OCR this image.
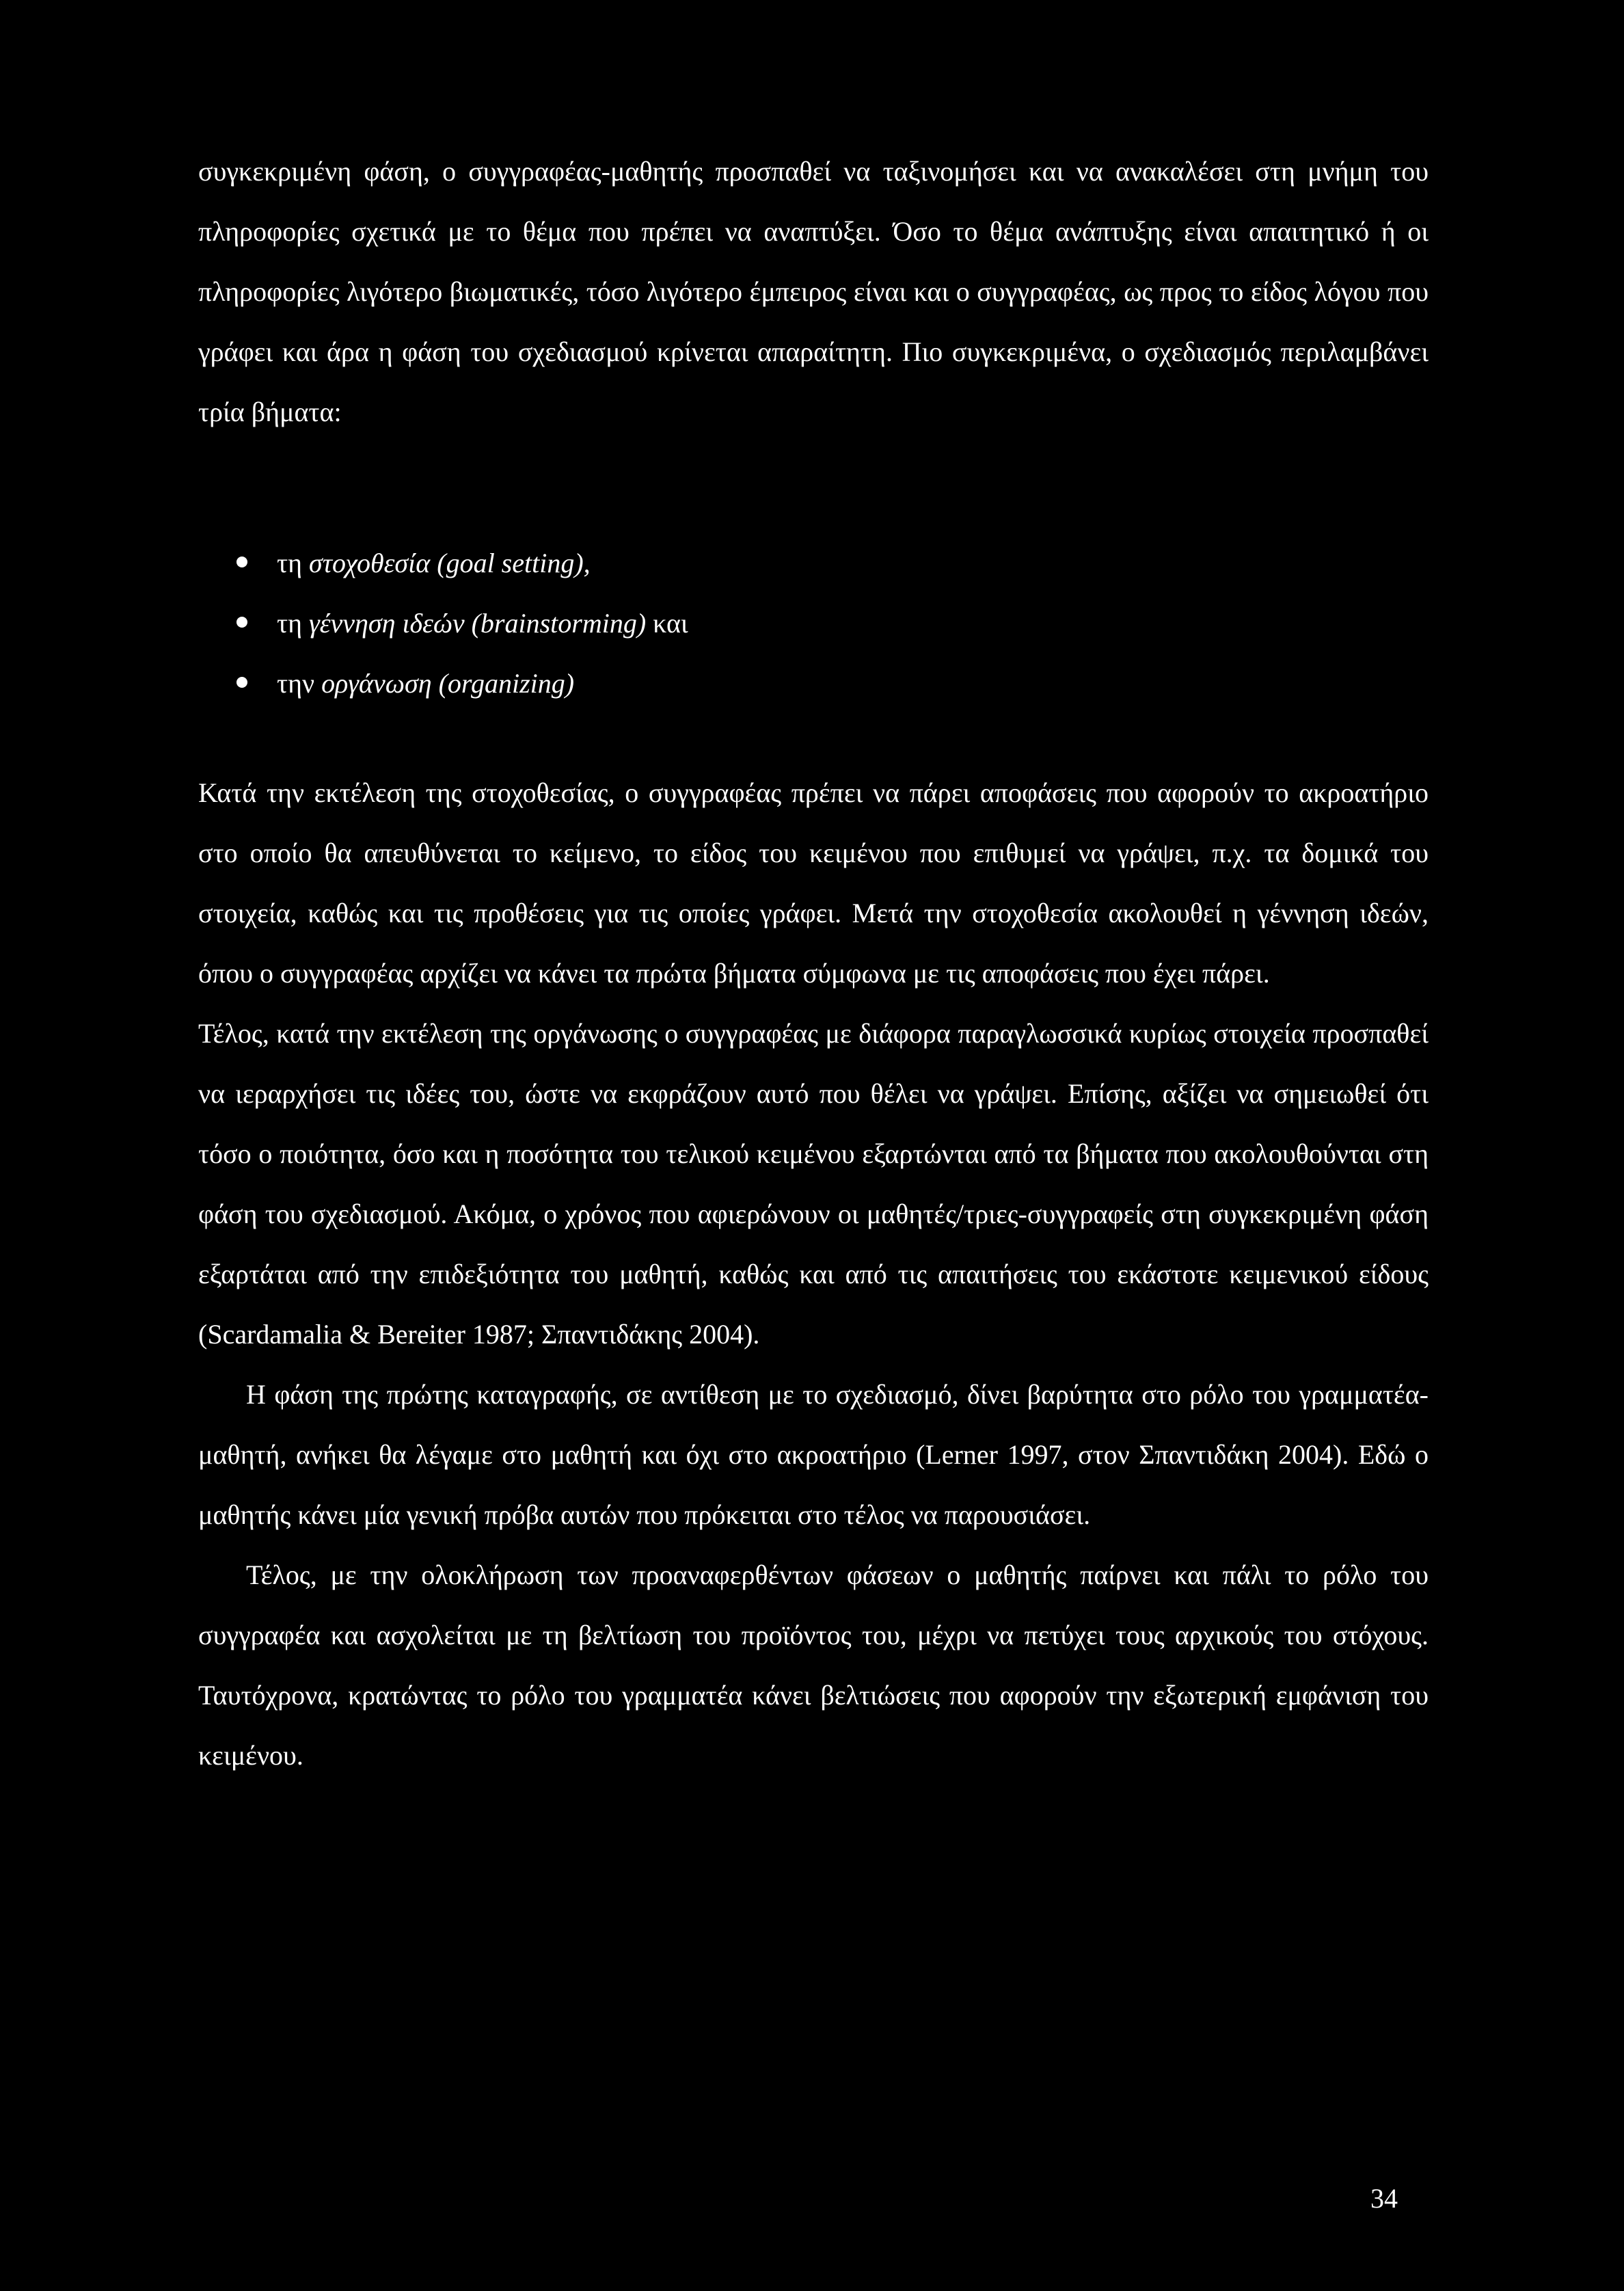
συγκεκριμένη φάση, ο συγγραφέας-μαθητής προσπαθεί να ταξινομήσει και να ανακαλέσει στη μνήμη του πληροφορίες σχετικά με το θέμα που πρέπει να αναπτύξει. Όσο το θέμα ανάπτυξης είναι απαιτητικό ή οι πληροφορίες λιγότερο βιωματικές, τόσο λιγότερο έμπειρος είναι και ο συγγραφέας, ως προς το είδος λόγου που γράφει και άρα η φάση του σχεδιασμού κρίνεται απαραίτητη. Πιο συγκεκριμένα, ο σχεδιασμός περιλαμβάνει τρία βήματα:

τη στοχοθεσία (goal setting),
τη γέννηση ιδεών (brainstorming) και
την οργάνωση (organizing)

Κατά την εκτέλεση της στοχοθεσίας, ο συγγραφέας πρέπει να πάρει αποφάσεις που αφορούν το ακροατήριο στο οποίο θα απευθύνεται το κείμενο, το είδος του κειμένου που επιθυμεί να γράψει, π.χ. τα δομικά του στοιχεία, καθώς και τις προθέσεις για τις οποίες γράφει. Μετά την στοχοθεσία ακολουθεί η γέννηση ιδεών, όπου ο συγγραφέας αρχίζει να κάνει τα πρώτα βήματα σύμφωνα με τις αποφάσεις που έχει πάρει.

Τέλος, κατά την εκτέλεση της οργάνωσης ο συγγραφέας με διάφορα παραγλωσσικά κυρίως στοιχεία προσπαθεί να ιεραρχήσει τις ιδέες του, ώστε να εκφράζουν αυτό που θέλει να γράψει. Επίσης, αξίζει να σημειωθεί ότι τόσο ο ποιότητα, όσο και η ποσότητα του τελικού κειμένου εξαρτώνται από τα βήματα που ακολουθούνται στη φάση του σχεδιασμού. Ακόμα, ο χρόνος που αφιερώνουν οι μαθητές/τριες-συγγραφείς στη συγκεκριμένη φάση εξαρτάται από την επιδεξιότητα του μαθητή, καθώς και από τις απαιτήσεις του εκάστοτε κειμενικού είδους (Scardamalia & Bereiter 1987; Σπαντιδάκης 2004).

Η φάση της πρώτης καταγραφής, σε αντίθεση με το σχεδιασμό, δίνει βαρύτητα στο ρόλο του γραμματέα-μαθητή, ανήκει θα λέγαμε στο μαθητή και όχι στο ακροατήριο (Lerner 1997, στον Σπαντιδάκη 2004). Εδώ ο μαθητής κάνει μία γενική πρόβα αυτών που πρόκειται στο τέλος να παρουσιάσει.

Τέλος, με την ολοκλήρωση των προαναφερθέντων φάσεων ο μαθητής παίρνει και πάλι το ρόλο του συγγραφέα και ασχολείται με τη βελτίωση του προϊόντος του, μέχρι να πετύχει τους αρχικούς του στόχους. Ταυτόχρονα, κρατώντας το ρόλο του γραμματέα κάνει βελτιώσεις που αφορούν την εξωτερική εμφάνιση του κειμένου.

34
